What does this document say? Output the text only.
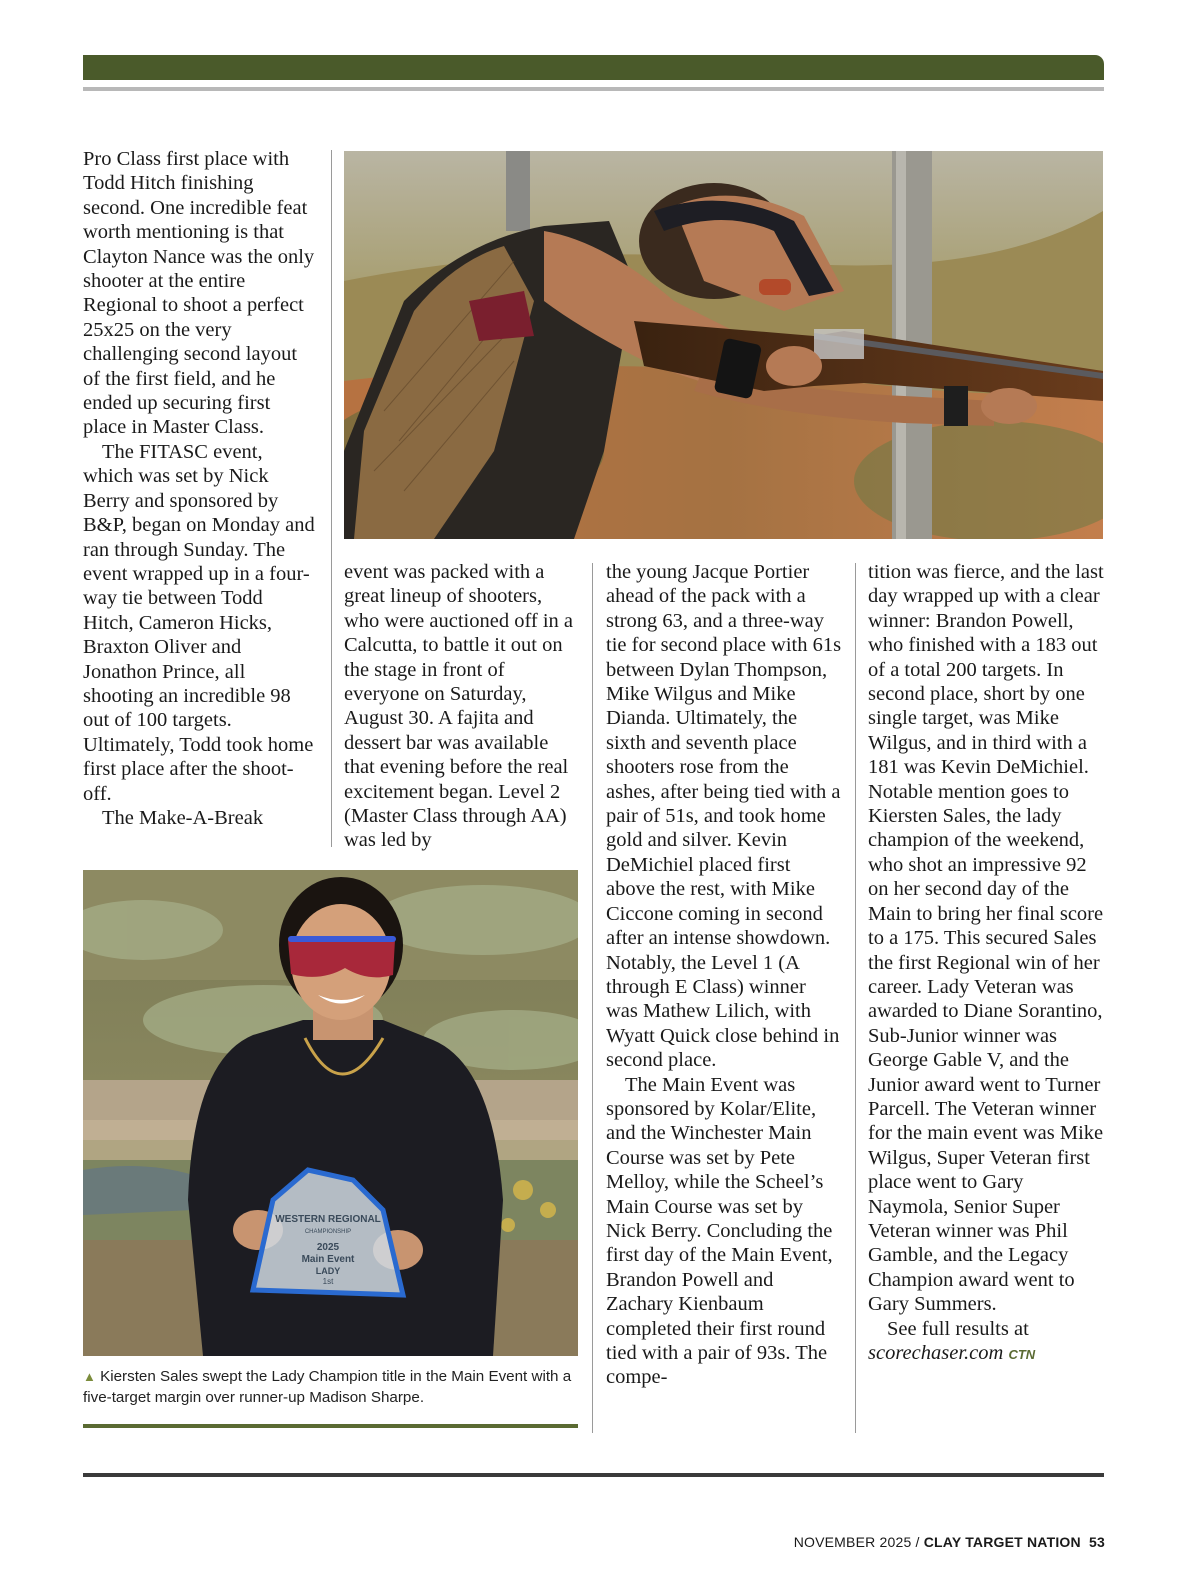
Pro Class first place with Todd Hitch finishing second. One incredible feat worth mentioning is that Clayton Nance was the only shooter at the entire Regional to shoot a perfect 25x25 on the very challenging second layout of the first field, and he ended up securing first place in Master Class.

The FITASC event, which was set by Nick Berry and sponsored by B&P, began on Monday and ran through Sunday. The event wrapped up in a four-way tie between Todd Hitch, Cameron Hicks, Braxton Oliver and Jonathon Prince, all shooting an incredible 98 out of 100 targets. Ultimately, Todd took home first place after the shoot-off.

The Make-A-Break

event was packed with a great lineup of shooters, who were auctioned off in a Calcutta, to battle it out on the stage in front of everyone on Saturday, August 30. A fajita and dessert bar was available that evening before the real excitement began. Level 2 (Master Class through AA) was led by

the young Jacque Portier ahead of the pack with a strong 63, and a three-way tie for second place with 61s between Dylan Thompson, Mike Wilgus and Mike Dianda. Ultimately, the sixth and seventh place shooters rose from the ashes, after being tied with a pair of 51s, and took home gold and silver. Kevin DeMichiel placed first above the rest, with Mike Ciccone coming in second after an intense showdown. Notably, the Level 1 (A through E Class) winner was Mathew Lilich, with Wyatt Quick close behind in second place.

The Main Event was sponsored by Kolar/Elite, and the Winchester Main Course was set by Pete Melloy, while the Scheel’s Main Course was set by Nick Berry. Concluding the first day of the Main Event, Brandon Powell and Zachary Kienbaum completed their first round tied with a pair of 93s. The compe-

tition was fierce, and the last day wrapped up with a clear winner: Brandon Powell, who finished with a 183 out of a total 200 targets. In second place, short by one single target, was Mike Wilgus, and in third with a 181 was Kevin DeMichiel. Notable mention goes to Kiersten Sales, the lady champion of the weekend, who shot an impressive 92 on her second day of the Main to bring her final score to a 175. This secured Sales the first Regional win of her career. Lady Veteran was awarded to Diane Sorantino, Sub-Junior winner was George Gable V, and the Junior award went to Turner Parcell. The Veteran winner for the main event was Mike Wilgus, Super Veteran first place went to Gary Naymola, Senior Super Veteran winner was Phil Gamble, and the Legacy Champion award went to Gary Summers.

See full results at scorechaser.com CTN

WESTERN REGIONAL
CHAMPIONSHIP
2025
Main Event
LADY
1st
▲ Kiersten Sales swept the Lady Champion title in the Main Event with a five-target margin over runner-up Madison Sharpe.
NOVEMBER 2025 / CLAY TARGET NATION 53
